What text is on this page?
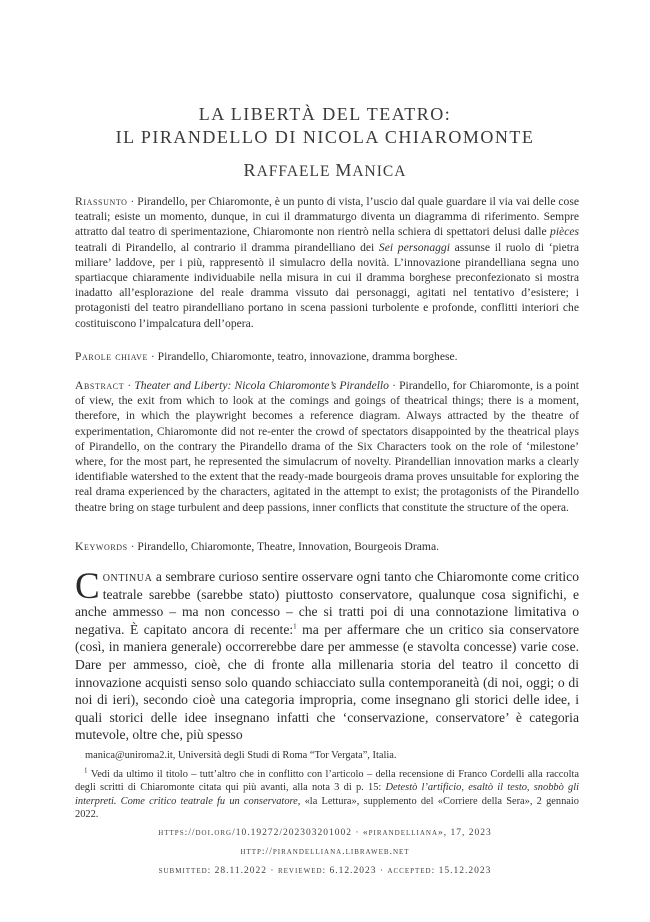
LA LIBERTÀ DEL TEATRO:
IL PIRANDELLO DI NICOLA CHIAROMONTE
RAFFAELE MANICA
Riassunto · Pirandello, per Chiaromonte, è un punto di vista, l’uscio dal quale guardare il via vai delle cose teatrali; esiste un momento, dunque, in cui il drammaturgo diventa un diagramma di riferimento. Sempre attratto dal teatro di sperimentazione, Chiaromonte non rientrò nella schiera di spettatori delusi dalle pièces teatrali di Pirandello, al contrario il dramma pirandelliano dei Sei personaggi assunse il ruolo di ‘pietra miliare’ laddove, per i più, rappresentò il simulacro della novità. L’innovazione pirandelliana segna uno spartiacque chiaramente individuabile nella misura in cui il dramma borghese preconfezionato si mostra inadatto all’esplorazione del reale dramma vissuto dai personaggi, agitati nel tentativo d’esistere; i protagonisti del teatro pirandelliano portano in scena passioni turbolente e profonde, conflitti interiori che costituiscono l’impalcatura dell’opera.
Parole chiave · Pirandello, Chiaromonte, teatro, innovazione, dramma borghese.
Abstract · Theater and Liberty: Nicola Chiaromonte’s Pirandello · Pirandello, for Chiaromonte, is a point of view, the exit from which to look at the comings and goings of theatrical things; there is a moment, therefore, in which the playwright becomes a reference diagram. Always attracted by the theatre of experimentation, Chiaromonte did not re-enter the crowd of spectators disappointed by the theatrical plays of Pirandello, on the contrary the Pirandello drama of the Six Characters took on the role of ‘milestone’ where, for the most part, he represented the simulacrum of novelty. Pirandellian innovation marks a clearly identifiable watershed to the extent that the ready-made bourgeois drama proves unsuitable for exploring the real drama experienced by the characters, agitated in the attempt to exist; the protagonists of the Pirandello theatre bring on stage turbulent and deep passions, inner conflicts that constitute the structure of the opera.
Keywords · Pirandello, Chiaromonte, Theatre, Innovation, Bourgeois Drama.
Continua a sembrare curioso sentire osservare ogni tanto che Chiaromonte come critico teatrale sarebbe (sarebbe stato) piuttosto conservatore, qualunque cosa significhi, e anche ammesso – ma non concesso – che si tratti poi di una connotazione limitativa o negativa. È capitato ancora di recente:$^1$ ma per affermare che un critico sia conservatore (così, in maniera generale) occorrerebbe dare per ammesse (e stavolta concesse) varie cose. Dare per ammesso, cioè, che di fronte alla millenaria storia del teatro il concetto di innovazione acquisti senso solo quando schiacciato sulla contemporaneità (di noi, oggi; o di noi di ieri), secondo cioè una categoria impropria, come insegnano gli storici delle idee, i quali storici delle idee insegnano infatti che ‘conservazione, conservatore’ è categoria mutevole, oltre che, più spesso
manica@uniroma2.it, Università degli Studi di Roma “Tor Vergata”, Italia.
$^1$ Vedi da ultimo il titolo – tutt’altro che in conflitto con l’articolo – della recensione di Franco Cordelli alla raccolta degli scritti di Chiaromonte citata qui più avanti, alla nota 3 di p. 15: Detestò l’artificio, esaltò il testo, snobbò gli interpreti. Come critico teatrale fu un conservatore, «la Lettura», supplemento del «Corriere della Sera», 2 gennaio 2022.
https://doi.org/10.19272/202303201002 · «pirandelliana», 17, 2023
http://pirandelliana.libraweb.net
submitted: 28.11.2022 · reviewed: 6.12.2023 · accepted: 15.12.2023
